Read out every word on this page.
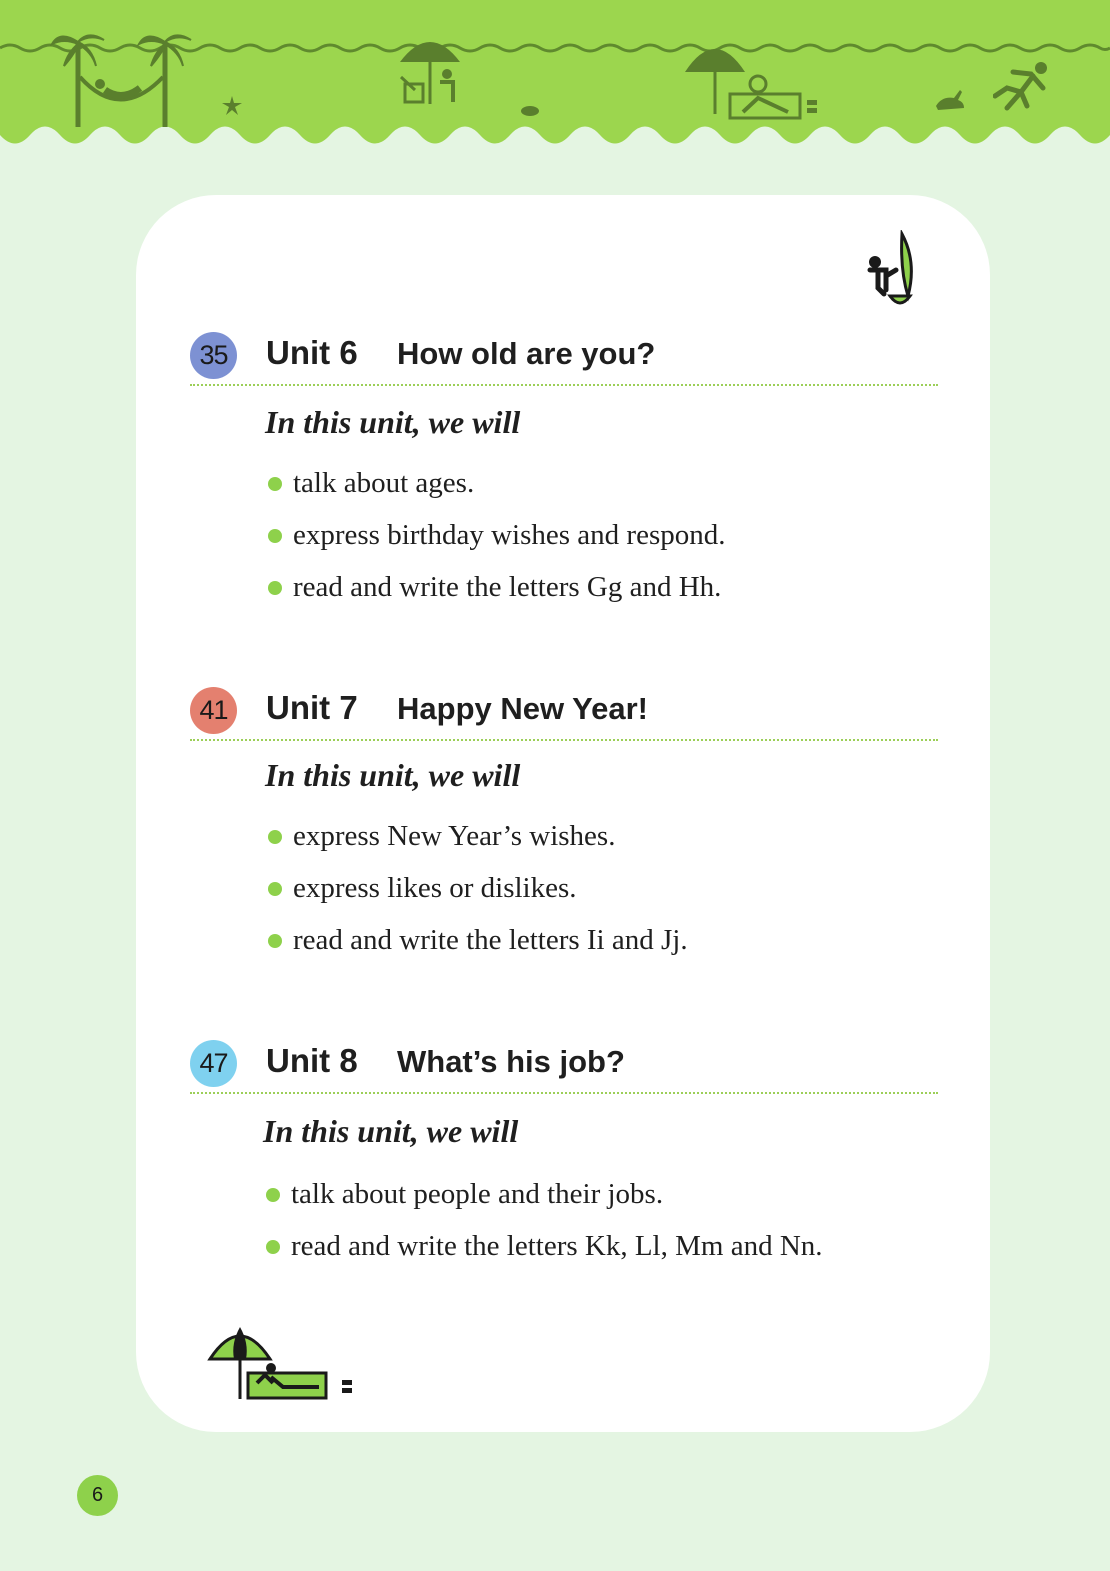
35 Unit 6 How old are you?
In this unit, we will
talk about ages.
express birthday wishes and respond.
read and write the letters Gg and Hh.
41 Unit 7 Happy New Year!
In this unit, we will
express New Year’s wishes.
express likes or dislikes.
read and write the letters Ii and Jj.
47 Unit 8 What’s his job?
In this unit, we will
talk about people and their jobs.
read and write the letters Kk, Ll, Mm and Nn.
6
